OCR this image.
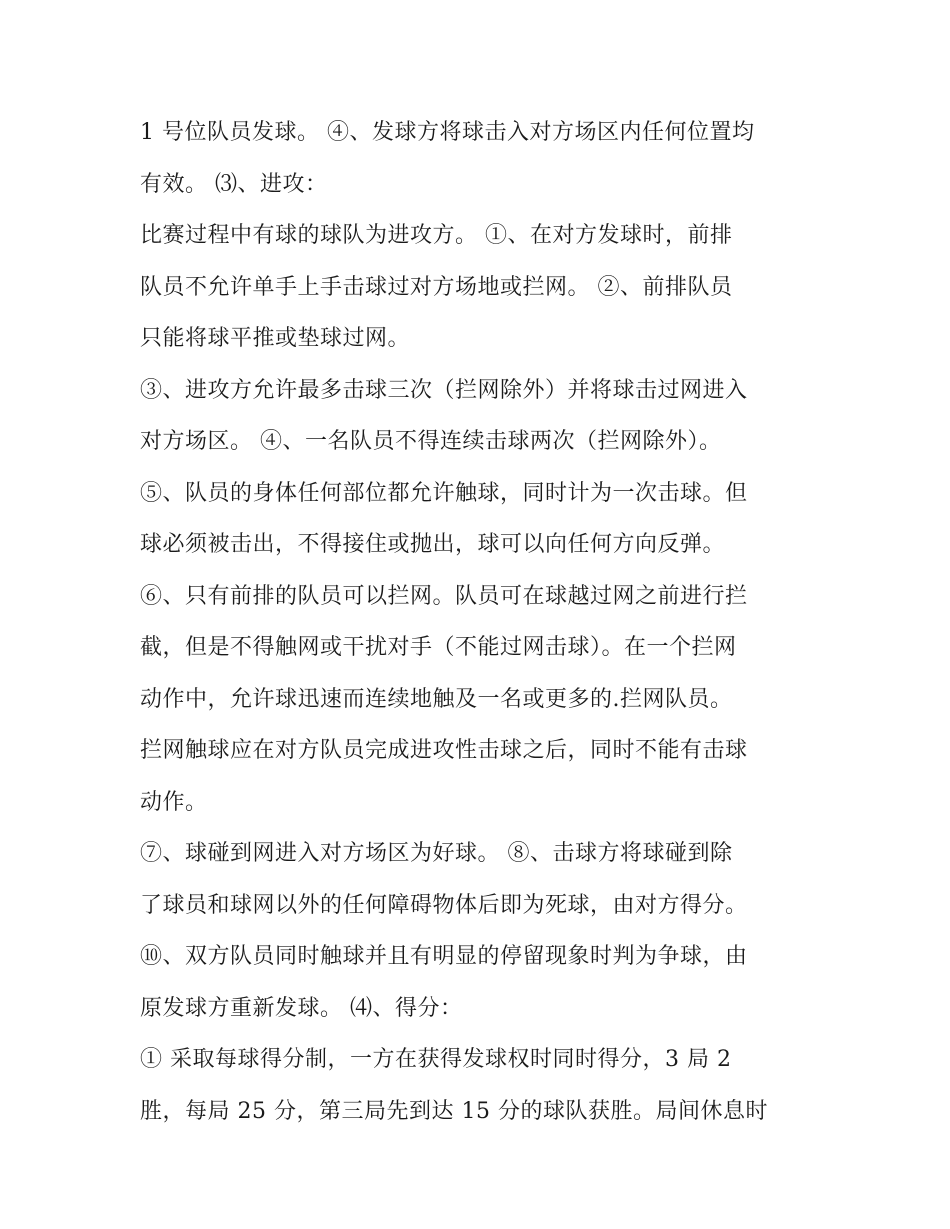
1 号位队员发球。 ④、发球方将球击入对方场区内任何位置均
有效。 ⑶、进攻：
比赛过程中有球的球队为进攻方。 ①、在对方发球时，前排
队员不允许单手上手击球过对方场地或拦网。 ②、前排队员
只能将球平推或垫球过网。
③、进攻方允许最多击球三次（拦网除外）并将球击过网进入
对方场区。 ④、一名队员不得连续击球两次（拦网除外）。
⑤、队员的身体任何部位都允许触球，同时计为一次击球。但
球必须被击出，不得接住或抛出，球可以向任何方向反弹。
⑥、只有前排的队员可以拦网。队员可在球越过网之前进行拦
截，但是不得触网或干扰对手（不能过网击球）。在一个拦网
动作中，允许球迅速而连续地触及一名或更多的.拦网队员。
拦网触球应在对方队员完成进攻性击球之后，同时不能有击球
动作。
⑦、球碰到网进入对方场区为好球。 ⑧、击球方将球碰到除
了球员和球网以外的任何障碍物体后即为死球，由对方得分。
⑩、双方队员同时触球并且有明显的停留现象时判为争球，由
原发球方重新发球。 ⑷、得分：
① 采取每球得分制，一方在获得发球权时同时得分，3 局 2
胜，每局 25 分，第三局先到达 15 分的球队获胜。局间休息时
